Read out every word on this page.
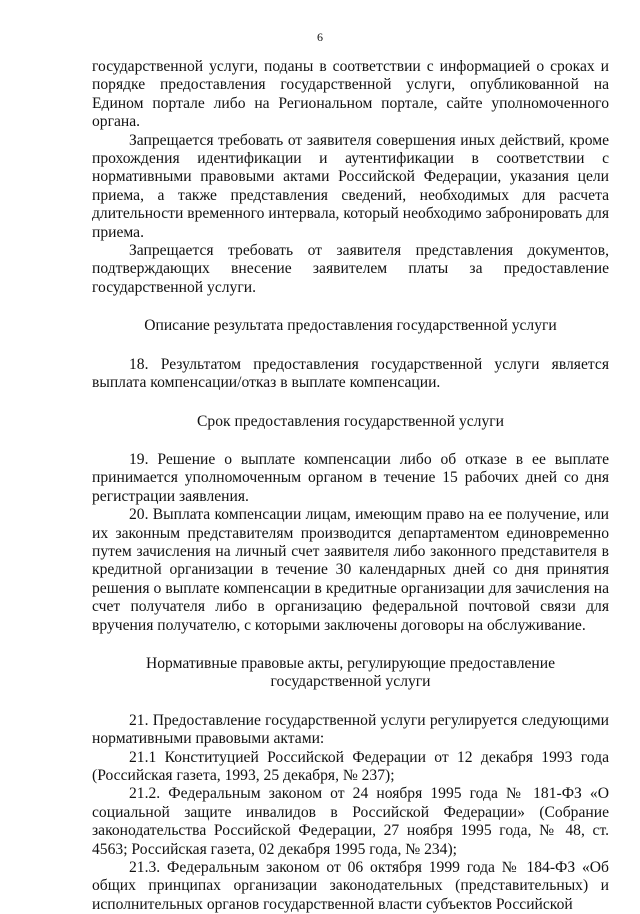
6

государственной услуги, поданы в соответствии с информацией о сроках и порядке предоставления государственной услуги, опубликованной на Едином портале либо на Региональном портале, сайте уполномоченного органа.

Запрещается требовать от заявителя совершения иных действий, кроме прохождения идентификации и аутентификации в соответствии с нормативными правовыми актами Российской Федерации, указания цели приема, а также представления сведений, необходимых для расчета длительности временного интервала, который необходимо забронировать для приема.

Запрещается требовать от заявителя представления документов, подтверждающих внесение заявителем платы за предоставление государственной услуги.

Описание результата предоставления государственной услуги

18. Результатом предоставления государственной услуги является выплата компенсации/отказ в выплате компенсации.

Срок предоставления государственной услуги

19. Решение о выплате компенсации либо об отказе в ее выплате принимается уполномоченным органом в течение 15 рабочих дней со дня регистрации заявления.

20. Выплата компенсации лицам, имеющим право на ее получение, или их законным представителям производится департаментом единовременно путем зачисления на личный счет заявителя либо законного представителя в кредитной организации в течение 30 календарных дней со дня принятия решения о выплате компенсации в кредитные организации для зачисления на счет получателя либо в организацию федеральной почтовой связи для вручения получателю, с которыми заключены договоры на обслуживание.

Нормативные правовые акты, регулирующие предоставление
государственной услуги

21. Предоставление государственной услуги регулируется следующими нормативными правовыми актами:

21.1 Конституцией Российской Федерации от 12 декабря 1993 года (Российская газета, 1993, 25 декабря, № 237);

21.2. Федеральным законом от 24 ноября 1995 года № 181-ФЗ «О социальной защите инвалидов в Российской Федерации» (Собрание законодательства Российской Федерации, 27 ноября 1995 года, № 48, ст. 4563; Российская газета, 02 декабря 1995 года, № 234);

21.3. Федеральным законом от 06 октября 1999 года № 184-ФЗ «Об общих принципах организации законодательных (представительных) и исполнительных органов государственной власти субъектов Российской
